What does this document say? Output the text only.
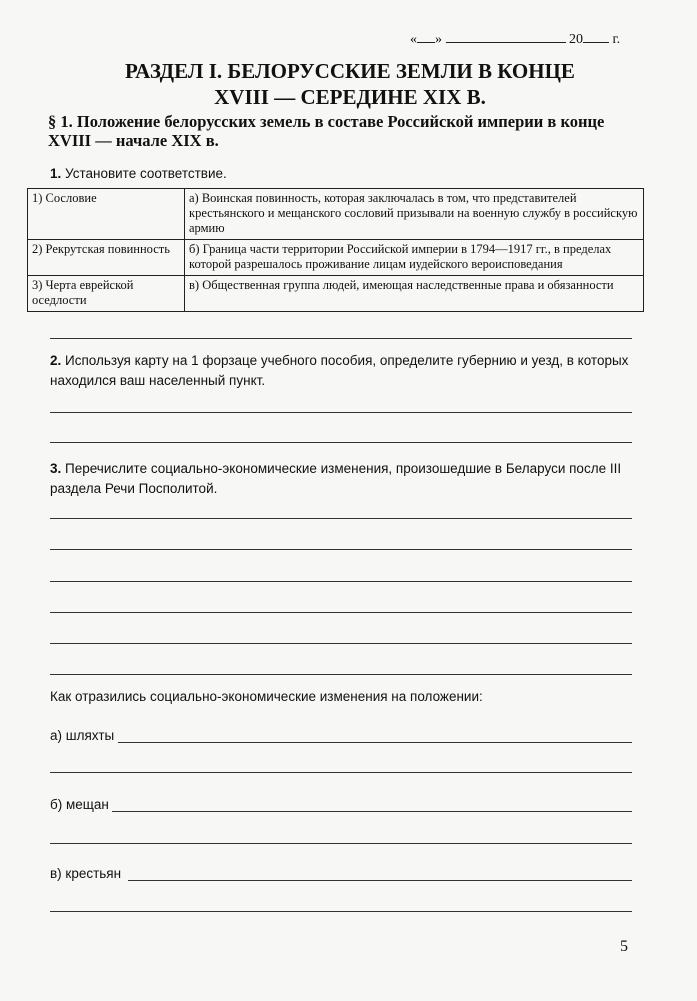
« »	20 г.
РАЗДЕЛ I. БЕЛОРУССКИЕ ЗЕМЛИ В КОНЦЕ
XVIII — СЕРЕДИНЕ XIX В.
§ 1. Положение белорусских земель в составе Российской империи в конце XVIII — начале XIX в.
1. Установите соответствие.
1) Сословие	а) Воинская повинность, которая заключалась в том, что представителей крестьянского и мещанского сословий призывали на военную службу в российскую армию
2) Рекрутская повинность	б) Граница части территории Российской империи в 1794—1917 гг., в пределах которой разрешалось проживание лицам иудейского вероисповедания
3) Черта еврейской оседлости	в) Общественная группа людей, имеющая наследственные права и обязанности
2. Используя карту на 1 форзаце учебного пособия, определите губернию и уезд, в которых находился ваш населенный пункт.
3. Перечислите социально-экономические изменения, произошедшие в Беларуси после III раздела Речи Посполитой.
Как отразились социально-экономические изменения на положении:
а) шляхты
б) мещан
в) крестьян
5
